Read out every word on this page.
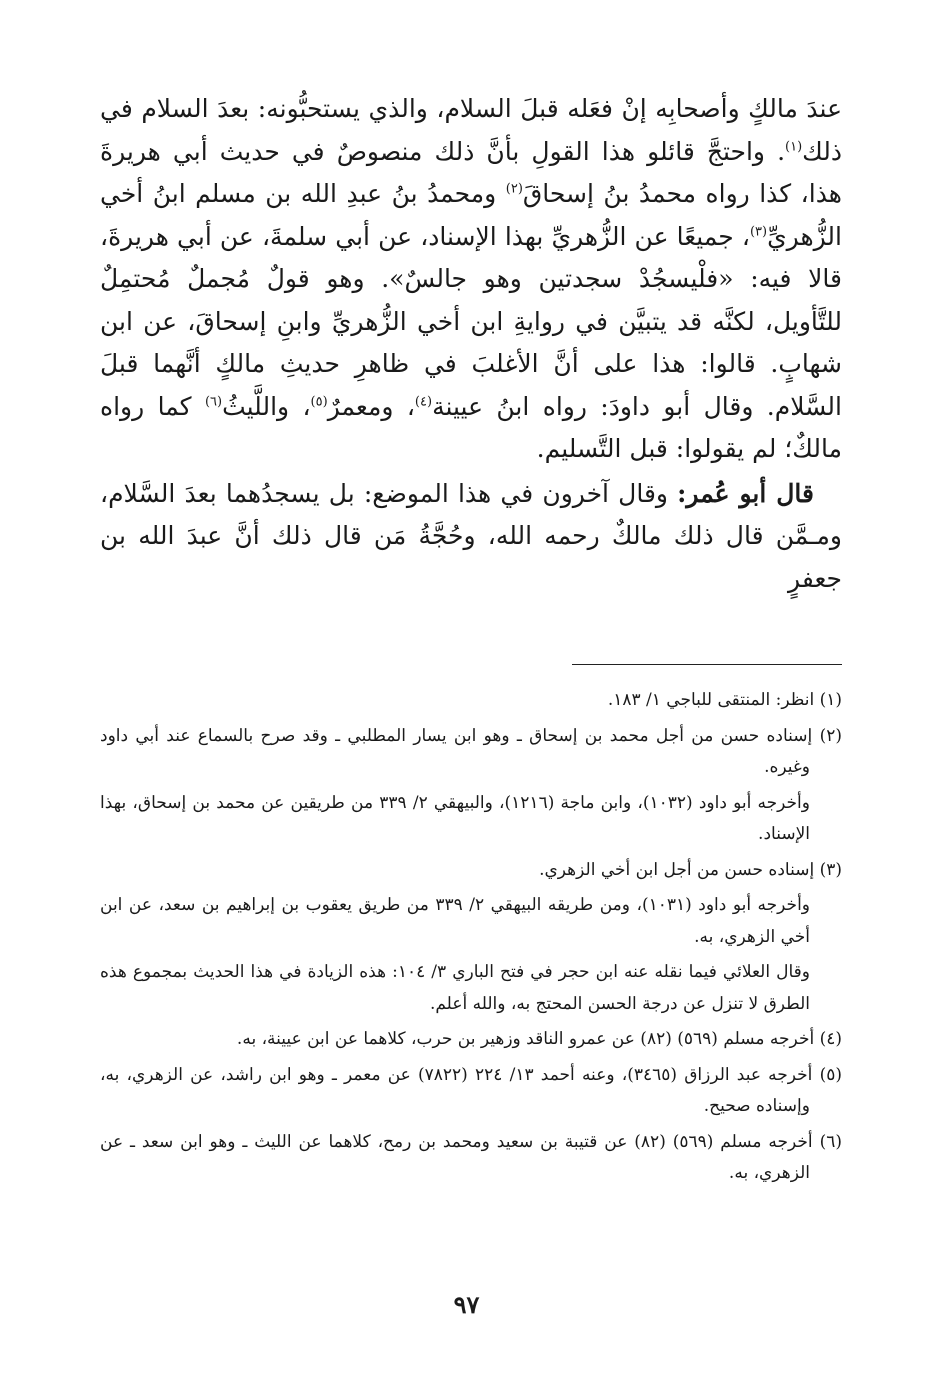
عندَ مالكٍ وأصحابِه إنْ فعَله قبلَ السلام، والذي يستحبُّونه: بعدَ السلام في ذلك$^{(١)}$. واحتجَّ قائلو هذا القولِ بأنَّ ذلك منصوصٌ في حديث أبي هريرةَ هذا، كذا رواه محمدُ بنُ إسحاقَ$^{(٢)}$ ومحمدُ بنُ عبدِ الله بن مسلم ابنُ أخي الزُّهريِّ$^{(٣)}$، جميعًا عن الزُّهريِّ بهذا الإسناد، عن أبي سلمةَ، عن أبي هريرةَ، قالا فيه: «فلْيسجُدْ سجدتين وهو جالسٌ». وهو قولٌ مُجملٌ مُحتمِلٌ للتَّأويل، لكنَّه قد يتبيَّن في روايةِ ابن أخي الزُّهريِّ وابنِ إسحاقَ، عن ابن شهابٍ. قالوا: هذا على أنَّ الأغلبَ في ظاهرِ حديثِ مالكٍ أنَّهما قبلَ السَّلام. وقال أبو داودَ: رواه ابنُ عيينة$^{(٤)}$، ومعمرٌ$^{(٥)}$، واللَّيثُ$^{(٦)}$ كما رواه مالكٌ؛ لم يقولوا: قبل التَّسليم.

قال أبو عُمر: وقال آخرون في هذا الموضع: بل يسجدُهما بعدَ السَّلام، ومـمَّن قال ذلك مالكٌ رحمه الله، وحُجَّةُ مَن قال ذلك أنَّ عبدَ الله بن جعفرٍ

(١) انظر: المنتقى للباجي ١/ ١٨٣.

(٢) إسناده حسن من أجل محمد بن إسحاق ـ وهو ابن يسار المطلبي ـ وقد صرح بالسماع عند أبي داود وغيره.

وأخرجه أبو داود (١٠٣٢)، وابن ماجة (١٢١٦)، والبيهقي ٢/ ٣٣٩ من طريقين عن محمد بن إسحاق، بهذا الإسناد.

(٣) إسناده حسن من أجل ابن أخي الزهري.

وأخرجه أبو داود (١٠٣١)، ومن طريقه البيهقي ٢/ ٣٣٩ من طريق يعقوب بن إبراهيم بن سعد، عن ابن أخي الزهري، به.

وقال العلائي فيما نقله عنه ابن حجر في فتح الباري ٣/ ١٠٤: هذه الزيادة في هذا الحديث بمجموع هذه الطرق لا تنزل عن درجة الحسن المحتج به، والله أعلم.

(٤) أخرجه مسلم (٥٦٩) (٨٢) عن عمرو الناقد وزهير بن حرب، كلاهما عن ابن عيينة، به.

(٥) أخرجه عبد الرزاق (٣٤٦٥)، وعنه أحمد ١٣/ ٢٢٤ (٧٨٢٢) عن معمر ـ وهو ابن راشد، عن الزهري، به، وإسناده صحيح.

(٦) أخرجه مسلم (٥٦٩) (٨٢) عن قتيبة بن سعيد ومحمد بن رمح، كلاهما عن الليث ـ وهو ابن سعد ـ عن الزهري، به.

٩٧
